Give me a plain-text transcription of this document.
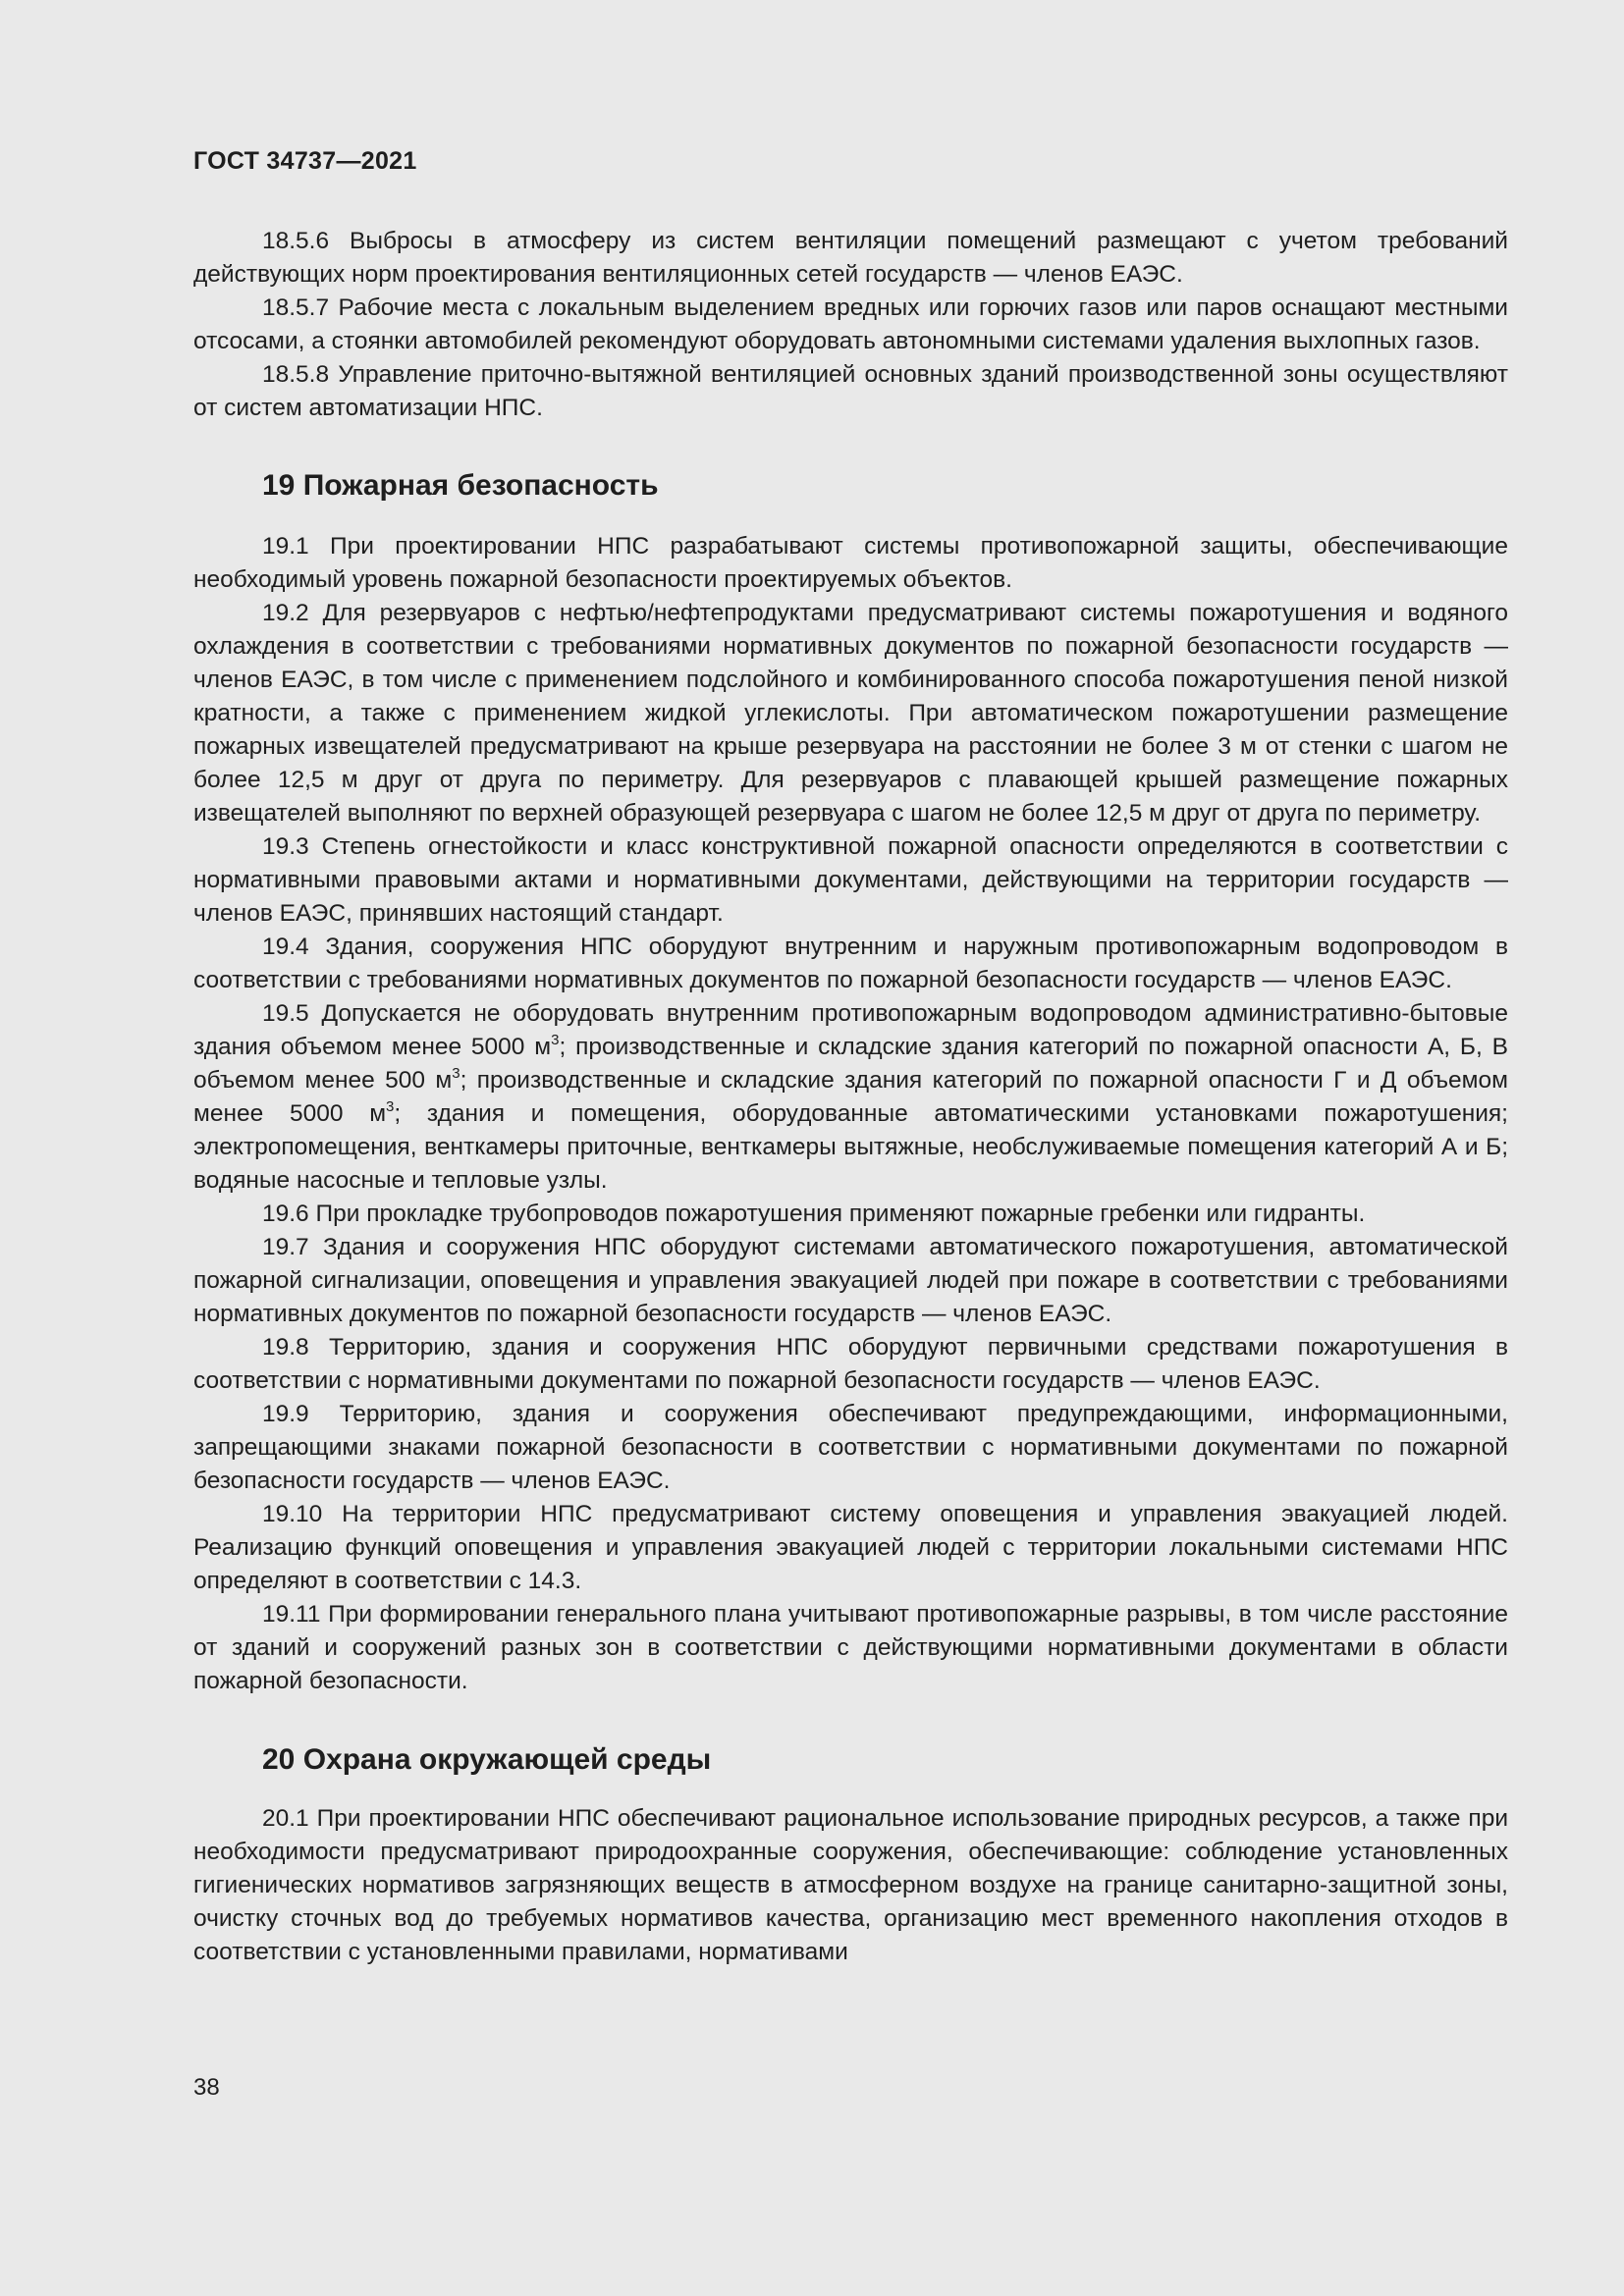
ГОСТ 34737—2021

18.5.6 Выбросы в атмосферу из систем вентиляции помещений размещают с учетом требований действующих норм проектирования вентиляционных сетей государств — членов ЕАЭС.

18.5.7 Рабочие места с локальным выделением вредных или горючих газов или паров оснащают местными отсосами, а стоянки автомобилей рекомендуют оборудовать автономными системами удаления выхлопных газов.

18.5.8 Управление приточно-вытяжной вентиляцией основных зданий производственной зоны осуществляют от систем автоматизации НПС.

19 Пожарная безопасность

19.1 При проектировании НПС разрабатывают системы противопожарной защиты, обеспечивающие необходимый уровень пожарной безопасности проектируемых объектов.

19.2 Для резервуаров с нефтью/нефтепродуктами предусматривают системы пожаротушения и водяного охлаждения в соответствии с требованиями нормативных документов по пожарной безопасности государств — членов ЕАЭС, в том числе с применением подслойного и комбинированного способа пожаротушения пеной низкой кратности, а также с применением жидкой углекислоты. При автоматическом пожаротушении размещение пожарных извещателей предусматривают на крыше резервуара на расстоянии не более 3 м от стенки с шагом не более 12,5 м друг от друга по периметру. Для резервуаров с плавающей крышей размещение пожарных извещателей выполняют по верхней образующей резервуара с шагом не более 12,5 м друг от друга по периметру.

19.3 Степень огнестойкости и класс конструктивной пожарной опасности определяются в соответствии с нормативными правовыми актами и нормативными документами, действующими на территории государств — членов ЕАЭС, принявших настоящий стандарт.

19.4 Здания, сооружения НПС оборудуют внутренним и наружным противопожарным водопроводом в соответствии с требованиями нормативных документов по пожарной безопасности государств — членов ЕАЭС.

19.5 Допускается не оборудовать внутренним противопожарным водопроводом административно-бытовые здания объемом менее 5000 $м^3$; производственные и складские здания категорий по пожарной опасности А, Б, В объемом менее 500 $м^3$; производственные и складские здания категорий по пожарной опасности Г и Д объемом менее 5000 $м^3$; здания и помещения, оборудованные автоматическими установками пожаротушения; электропомещения, венткамеры приточные, венткамеры вытяжные, необслуживаемые помещения категорий А и Б; водяные насосные и тепловые узлы.

19.6 При прокладке трубопроводов пожаротушения применяют пожарные гребенки или гидранты.

19.7 Здания и сооружения НПС оборудуют системами автоматического пожаротушения, автоматической пожарной сигнализации, оповещения и управления эвакуацией людей при пожаре в соответствии с требованиями нормативных документов по пожарной безопасности государств — членов ЕАЭС.

19.8 Территорию, здания и сооружения НПС оборудуют первичными средствами пожаротушения в соответствии с нормативными документами по пожарной безопасности государств — членов ЕАЭС.

19.9 Территорию, здания и сооружения обеспечивают предупреждающими, информационными, запрещающими знаками пожарной безопасности в соответствии с нормативными документами по пожарной безопасности государств — членов ЕАЭС.

19.10 На территории НПС предусматривают систему оповещения и управления эвакуацией людей. Реализацию функций оповещения и управления эвакуацией людей с территории локальными системами НПС определяют в соответствии с 14.3.

19.11 При формировании генерального плана учитывают противопожарные разрывы, в том числе расстояние от зданий и сооружений разных зон в соответствии с действующими нормативными документами в области пожарной безопасности.

20 Охрана окружающей среды

20.1 При проектировании НПС обеспечивают рациональное использование природных ресурсов, а также при необходимости предусматривают природоохранные сооружения, обеспечивающие: соблюдение установленных гигиенических нормативов загрязняющих веществ в атмосферном воздухе на границе санитарно-защитной зоны, очистку сточных вод до требуемых нормативов качества, организацию мест временного накопления отходов в соответствии с установленными правилами, нормативами

38
